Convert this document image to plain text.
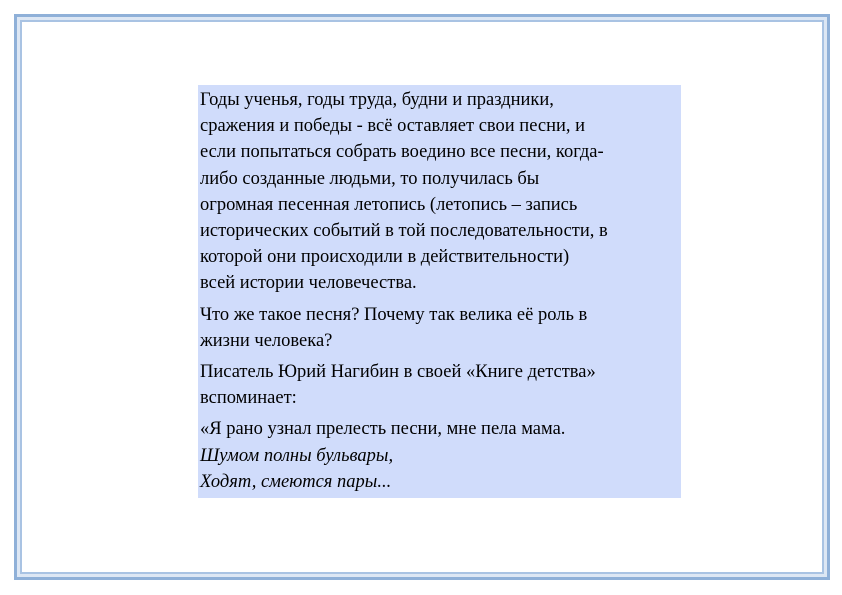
Годы ученья, годы труда, будни и праздники,
сражения и победы - всё оставляет свои песни, и
если попытаться собрать воедино все песни, когда-
либо созданные людьми, то получилась бы
огромная песенная летопись (летопись – запись
исторических событий в той последовательности, в
которой они происходили в действительности)
всей истории человечества.

Что же такое песня? Почему так велика её роль в
жизни человека?

Писатель Юрий Нагибин в своей «Книге детства»
вспоминает:

«Я рано узнал прелесть песни, мне пела мама.
Шумом полны бульвары,
Ходят, смеются пары...
